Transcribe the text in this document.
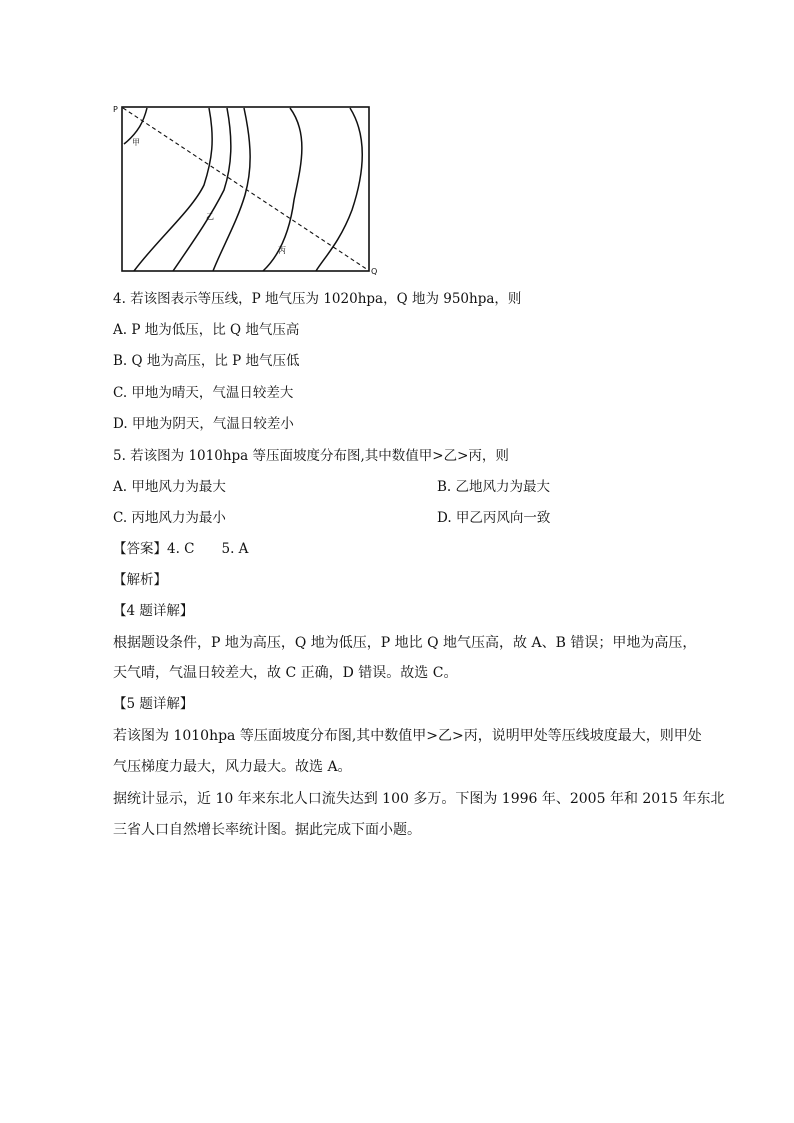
P
Q
甲
乙
丙
4. 若该图表示等压线，P 地气压为 1020hpa，Q 地为 950hpa，则
A. P 地为低压，比 Q 地气压高
B. Q 地为高压，比 P 地气压低
C. 甲地为晴天，气温日较差大
D. 甲地为阴天，气温日较差小
5. 若该图为 1010hpa 等压面坡度分布图,其中数值甲>乙>丙，则
A. 甲地风力为最大	B. 乙地风力为最大
C. 丙地风力为最小	D. 甲乙丙风向一致
【答案】4. C　　5. A
【解析】
【4 题详解】
根据题设条件，P 地为高压，Q 地为低压，P 地比 Q 地气压高，故 A、B 错误；甲地为高压，
天气晴，气温日较差大，故 C 正确，D 错误。故选 C。
【5 题详解】
若该图为 1010hpa 等压面坡度分布图,其中数值甲>乙>丙，说明甲处等压线坡度最大，则甲处
气压梯度力最大，风力最大。故选 A。
据统计显示，近 10 年来东北人口流失达到 100 多万。下图为 1996 年、2005 年和 2015 年东北
三省人口自然增长率统计图。据此完成下面小题。
